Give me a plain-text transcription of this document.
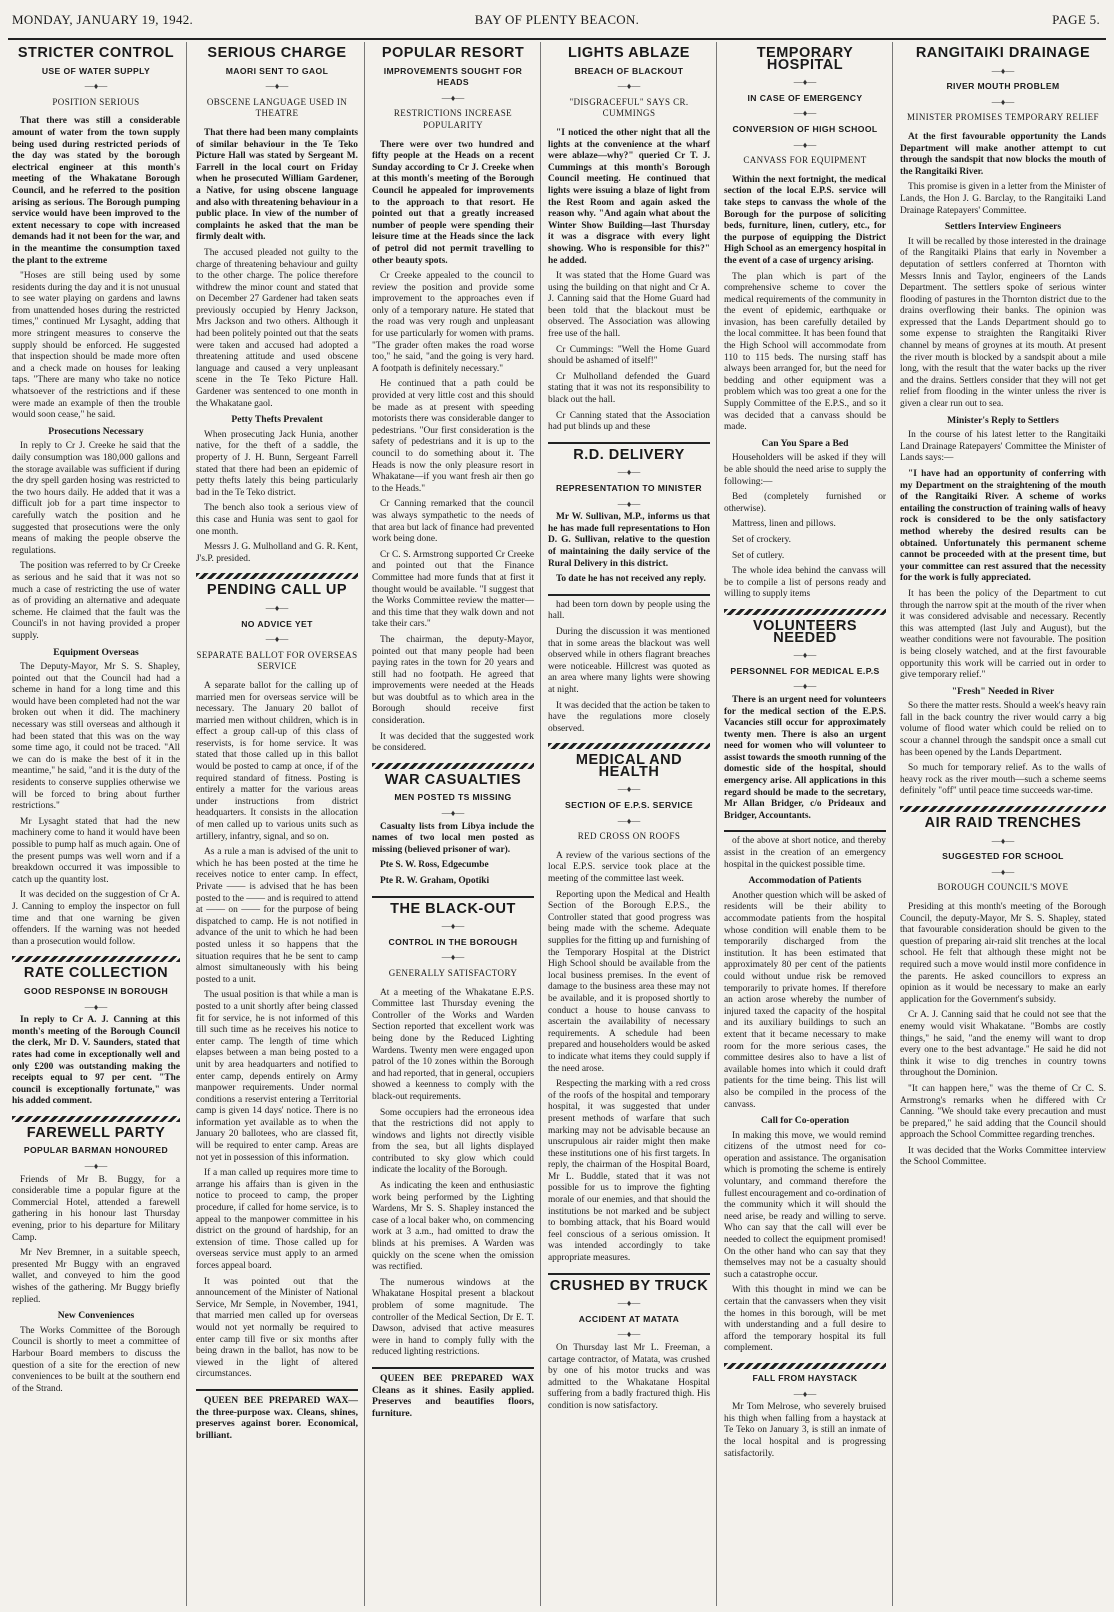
MONDAY, JANUARY 19, 1942.	BAY OF PLENTY BEACON.	PAGE 5.
STRICTER CONTROL
USE OF WATER SUPPLY
—♦—
POSITION SERIOUS

That there was still a considerable amount of water from the town supply being used during restricted periods of the day was stated by the borough electrical engineer at this month's meeting of the Whakatane Borough Council, and he referred to the position arising as serious. The Borough pumping service would have been improved to the extent necessary to cope with increased demands had it not been for the war, and in the meantime the consumption taxed the plant to the extreme

"Hoses are still being used by some residents during the day and it is not unusual to see water playing on gardens and lawns from unattended hoses during the restricted times," continued Mr Lysaght, adding that more stringent measures to conserve the supply should be enforced. He suggested that inspection should be made more often and a check made on houses for leaking taps. "There are many who take no notice whatsoever of the restrictions and if these were made an example of then the trouble would soon cease," he said.

Prosecutions Necessary

In reply to Cr J. Creeke he said that the daily consumption was 180,000 gallons and the storage available was sufficient if during the dry spell garden hosing was restricted to the two hours daily. He added that it was a difficult job for a part time inspector to carefully watch the position and he suggested that prosecutions were the only means of making the people observe the regulations.

The position was referred to by Cr Creeke as serious and he said that it was not so much a case of restricting the use of water as of providing an alternative and adequate scheme. He claimed that the fault was the Council's in not having provided a proper supply.

Equipment Overseas

The Deputy-Mayor, Mr S. S. Shapley, pointed out that the Council had had a scheme in hand for a long time and this would have been completed had not the war broken out when it did. The machinery necessary was still overseas and although it had been stated that this was on the way some time ago, it could not be traced. "All we can do is make the best of it in the meantime," he said, "and it is the duty of the residents to conserve supplies otherwise we will be forced to bring about further restrictions."

Mr Lysaght stated that had the new machinery come to hand it would have been possible to pump half as much again. One of the present pumps was well worn and if a breakdown occurred it was impossible to catch up the quantity lost.

It was decided on the suggestion of Cr A. J. Canning to employ the inspector on full time and that one warning be given offenders. If the warning was not heeded than a prosecution would follow.

RATE COLLECTION
GOOD RESPONSE IN BOROUGH
—♦—

In reply to Cr A. J. Canning at this month's meeting of the Borough Council the clerk, Mr D. V. Saunders, stated that rates had come in exceptionally well and only £200 was outstanding making the receipts equal to 97 per cent. "The council is exceptionally fortunate," was his added comment.

FAREWELL PARTY
POPULAR BARMAN HONOURED
—♦—

Friends of Mr B. Buggy, for a considerable time a popular figure at the Commercial Hotel, attended a farewell gathering in his honour last Thursday evening, prior to his departure for Military Camp.

Mr Nev Bremner, in a suitable speech, presented Mr Buggy with an engraved wallet, and conveyed to him the good wishes of the gathering. Mr Buggy briefly replied.

New Conveniences

The Works Committee of the Borough Council is shortly to meet a committee of Harbour Board members to discuss the question of a site for the erection of new conveniences to be built at the southern end of the Strand.

SERIOUS CHARGE
MAORI SENT TO GAOL
—♦—
OBSCENE LANGUAGE USED IN THEATRE

That there had been many complaints of similar behaviour in the Te Teko Picture Hall was stated by Sergeant M. Farrell in the local court on Friday when he prosecuted William Gardener, a Native, for using obscene language and also with threatening behaviour in a public place. In view of the number of complaints he asked that the man be firmly dealt with.

The accused pleaded not guilty to the charge of threatening behaviour and guilty to the other charge. The police therefore withdrew the minor count and stated that on December 27 Gardener had taken seats previously occupied by Henry Jackson, Mrs Jackson and two others. Although it had been politely pointed out that the seats were taken and accused had adopted a threatening attitude and used obscene language and caused a very unpleasant scene in the Te Teko Picture Hall. Gardener was sentenced to one month in the Whakatane gaol.

Petty Thefts Prevalent

When prosecuting Jack Hunia, another native, for the theft of a saddle, the property of J. H. Bunn, Sergeant Farrell stated that there had been an epidemic of petty thefts lately this being particularly bad in the Te Teko district.

The bench also took a serious view of this case and Hunia was sent to gaol for one month.

Messrs J. G. Mulholland and G. R. Kent, J's.P. presided.

PENDING CALL UP
—♦—
NO ADVICE YET
—♦—
SEPARATE BALLOT FOR OVERSEAS SERVICE

A separate ballot for the calling up of married men for overseas service will be necessary. The January 20 ballot of married men without children, which is in effect a group call-up of this class of reservists, is for home service. It was stated that those called up in this ballot would be posted to camp at once, if of the required standard of fitness. Posting is entirely a matter for the various areas under instructions from district headquarters. It consists in the allocation of men called up to various units such as artillery, infantry, signal, and so on.

As a rule a man is advised of the unit to which he has been posted at the time he receives notice to enter camp. In effect, Private —— is advised that he has been posted to the —— and is required to attend at —— on —— for the purpose of being dispatched to camp. He is not notified in advance of the unit to which he had been posted unless it so happens that the situation requires that he be sent to camp almost simultaneously with his being posted to a unit.

The usual position is that while a man is posted to a unit shortly after being classed fit for service, he is not informed of this till such time as he receives his notice to enter camp. The length of time which elapses between a man being posted to a unit by area headquarters and notified to enter camp, depends entirely on Army manpower requirements. Under normal conditions a reservist entering a Territorial camp is given 14 days' notice. There is no information yet available as to when the January 20 ballotees, who are classed fit, will be required to enter camp. Areas are not yet in possession of this information.

If a man called up requires more time to arrange his affairs than is given in the notice to proceed to camp, the proper procedure, if called for home service, is to appeal to the manpower committee in his district on the ground of hardship, for an extension of time. Those called up for overseas service must apply to an armed forces appeal board.

It was pointed out that the announcement of the Minister of National Service, Mr Semple, in November, 1941, that married men called up for overseas would not yet normally be required to enter camp till five or six months after being drawn in the ballot, has now to be viewed in the light of altered circumstances.

QUEEN BEE PREPARED WAX— the three-purpose wax. Cleans, shines, preserves against borer. Economical, brilliant.

POPULAR RESORT
IMPROVEMENTS SOUGHT FOR HEADS
—♦—
RESTRICTIONS INCREASE POPULARITY

There were over two hundred and fifty people at the Heads on a recent Sunday according to Cr J. Creeke when at this month's meeting of the Borough Council he appealed for improvements to the approach to that resort. He pointed out that a greatly increased number of people were spending their leisure time at the Heads since the lack of petrol did not permit travelling to other beauty spots.

Cr Creeke appealed to the council to review the position and provide some improvement to the approaches even if only of a temporary nature. He stated that the road was very rough and unpleasant for use particularly for women with prams. "The grader often makes the road worse too," he said, "and the going is very hard. A footpath is definitely necessary."

He continued that a path could be provided at very little cost and this should be made as at present with speeding motorists there was considerable danger to pedestrians. "Our first consideration is the safety of pedestrians and it is up to the council to do something about it. The Heads is now the only pleasure resort in Whakatane—if you want fresh air then go to the Heads."

Cr Canning remarked that the council was always sympathetic to the needs of that area but lack of finance had prevented work being done.

Cr C. S. Armstrong supported Cr Creeke and pointed out that the Finance Committee had more funds that at first it thought would be available. "I suggest that the Works Committee review the matter—and this time that they walk down and not take their cars."

The chairman, the deputy-Mayor, pointed out that many people had been paying rates in the town for 20 years and still had no footpath. He agreed that improvements were needed at the Heads but was doubtful as to which area in the Borough should receive first consideration.

It was decided that the suggested work be considered.

WAR CASUALTIES
MEN POSTED TS MISSING
—♦—

Casualty lists from Libya include the names of two local men posted as missing (believed prisoner of war).

Pte S. W. Ross, Edgecumbe

Pte R. W. Graham, Opotiki

THE BLACK-OUT
—♦—
CONTROL IN THE BOROUGH
—♦—
GENERALLY SATISFACTORY

At a meeting of the Whakatane E.P.S. Committee last Thursday evening the Controller of the Works and Warden Section reported that excellent work was being done by the Reduced Lighting Wardens. Twenty men were engaged upon patrol of the 10 zones within the Borough and had reported, that in general, occupiers showed a keenness to comply with the black-out requirements.

Some occupiers had the erroneous idea that the restrictions did not apply to windows and lights not directly visible from the sea, but all lights displayed contributed to sky glow which could indicate the locality of the Borough.

As indicating the keen and enthusiastic work being performed by the Lighting Wardens, Mr S. S. Shapley instanced the case of a local baker who, on commencing work at 3 a.m., had omitted to draw the blinds at his premises. A Warden was quickly on the scene when the omission was rectified.

The numerous windows at the Whakatane Hospital present a blackout problem of some magnitude. The controller of the Medical Section, Dr E. T. Dawson, advised that active measures were in hand to comply fully with the reduced lighting restrictions.

QUEEN BEE PREPARED WAX Cleans as it shines. Easily applied. Preserves and beautifies floors, furniture.

LIGHTS ABLAZE
BREACH OF BLACKOUT
—♦—
"DISGRACEFUL" SAYS CR. CUMMINGS

"I noticed the other night that all the lights at the convenience at the wharf were ablaze—why?" queried Cr T. J. Cummings at this month's Borough Council meeting. He continued that lights were issuing a blaze of light from the Rest Room and again asked the reason why. "And again what about the Winter Show Building—last Thursday it was a disgrace with every light showing. Who is responsible for this?" he added.

It was stated that the Home Guard was using the building on that night and Cr A. J. Canning said that the Home Guard had been told that the blackout must be observed. The Association was allowing free use of the hall.

Cr Cummings: "Well the Home Guard should be ashamed of itself!"

Cr Mulholland defended the Guard stating that it was not its responsibility to black out the hall.

Cr Canning stated that the Association had put blinds up and these

R.D. DELIVERY
—♦—
REPRESENTATION TO MINISTER
—♦—

Mr W. Sullivan, M.P., informs us that he has made full representations to Hon D. G. Sullivan, relative to the question of maintaining the daily service of the Rural Delivery in this district.

To date he has not received any reply.

had been torn down by people using the hall.

During the discussion it was mentioned that in some areas the blackout was well observed while in others flagrant breaches were noticeable. Hillcrest was quoted as an area where many lights were showing at night.

It was decided that the action be taken to have the regulations more closely observed.

MEDICAL AND HEALTH
—♦—
SECTION OF E.P.S. SERVICE
—♦—
RED CROSS ON ROOFS

A review of the various sections of the local E.P.S. service took place at the meeting of the committee last week.

Reporting upon the Medical and Health Section of the Borough E.P.S., the Controller stated that good progress was being made with the scheme. Adequate supplies for the fitting up and furnishing of the Temporary Hospital at the District High School should be available from the local business premises. In the event of damage to the business area these may not be available, and it is proposed shortly to conduct a house to house canvass to ascertain the availability of necessary requirements. A schedule had been prepared and householders would be asked to indicate what items they could supply if the need arose.

Respecting the marking with a red cross of the roofs of the hospital and temporary hospital, it was suggested that under present methods of warfare that such marking may not be advisable because an unscrupulous air raider might then make these institutions one of his first targets. In reply, the chairman of the Hospital Board, Mr L. Buddle, stated that it was not possible for us to improve the fighting morale of our enemies, and that should the institutions be not marked and be subject to bombing attack, that his Board would feel conscious of a serious omission. It was intended accordingly to take appropriate measures.

CRUSHED BY TRUCK
—♦—
ACCIDENT AT MATATA
—♦—

On Thursday last Mr L. Freeman, a cartage contractor, of Matata, was crushed by one of his motor trucks and was admitted to the Whakatane Hospital suffering from a badly fractured thigh. His condition is now satisfactory.

TEMPORARY HOSPITAL
—♦—
IN CASE OF EMERGENCY
—♦—
CONVERSION OF HIGH SCHOOL
—♦—
CANVASS FOR EQUIPMENT

Within the next fortnight, the medical section of the local E.P.S. service will take steps to canvass the whole of the Borough for the purpose of soliciting beds, furniture, linen, cutlery, etc., for the purpose of equipping the District High School as an emergency hospital in the event of a case of urgency arising.

The plan which is part of the comprehensive scheme to cover the medical requirements of the community in the event of epidemic, earthquake or invasion, has been carefully detailed by the local committee. It has been found that the High School will accommodate from 110 to 115 beds. The nursing staff has always been arranged for, but the need for bedding and other equipment was a problem which was too great a one for the Supply Committee of the E.P.S., and so it was decided that a canvass should be made.

Can You Spare a Bed

Householders will be asked if they will be able should the need arise to supply the following:—

Bed (completely furnished or otherwise).

Mattress, linen and pillows.

Set of crockery.

Set of cutlery.

The whole idea behind the canvass will be to compile a list of persons ready and willing to supply items

VOLUNTEERS NEEDED
—♦—
PERSONNEL FOR MEDICAL E.P.S
—♦—

There is an urgent need for volunteers for the medical section of the E.P.S. Vacancies still occur for approximately twenty men. There is also an urgent need for women who will volunteer to assist towards the smooth running of the domestic side of the hospital, should emergency arise. All applications in this regard should be made to the secretary, Mr Allan Bridger, c/o Prideaux and Bridger, Accountants.

of the above at short notice, and thereby assist in the creation of an emergency hospital in the quickest possible time.

Accommodation of Patients

Another question which will be asked of residents will be their ability to accommodate patients from the hospital whose condition will enable them to be temporarily discharged from the institution. It has been estimated that approximately 80 per cent of the patients could without undue risk be removed temporarily to private homes. If therefore an action arose whereby the number of injured taxed the capacity of the hospital and its auxiliary buildings to such an extent that it became necessary to make room for the more serious cases, the committee desires also to have a list of available homes into which it could draft patients for the time being. This list will also be compiled in the process of the canvass.

Call for Co-operation

In making this move, we would remind citizens of the utmost need for co-operation and assistance. The organisation which is promoting the scheme is entirely voluntary, and command therefore the fullest encouragement and co-ordination of the community which it will should the need arise, be ready and willing to serve. Who can say that the call will ever be needed to collect the equipment promised! On the other hand who can say that they themselves may not be a casualty should such a catastrophe occur.

With this thought in mind we can be certain that the canvassers when they visit the homes in this borough, will be met with understanding and a full desire to afford the temporary hospital its full complement.

FALL FROM HAYSTACK
—♦—

Mr Tom Melrose, who severely bruised his thigh when falling from a haystack at Te Teko on January 3, is still an inmate of the local hospital and is progressing satisfactorily.

RANGITAIKI DRAINAGE
—♦—
RIVER MOUTH PROBLEM
—♦—
MINISTER PROMISES TEMPORARY RELIEF

At the first favourable opportunity the Lands Department will make another attempt to cut through the sandspit that now blocks the mouth of the Rangitaiki River.

This promise is given in a letter from the Minister of Lands, the Hon J. G. Barclay, to the Rangitaiki Land Drainage Ratepayers' Committee.

Settlers Interview Engineers

It will be recalled by those interested in the drainage of the Rangitaiki Plains that early in November a deputation of settlers conferred at Thornton with Messrs Innis and Taylor, engineers of the Lands Department. The settlers spoke of serious winter flooding of pastures in the Thornton district due to the drains overflowing their banks. The opinion was expressed that the Lands Department should go to some expense to straighten the Rangitaiki River channel by means of groynes at its mouth. At present the river mouth is blocked by a sandspit about a mile long, with the result that the water backs up the river and the drains. Settlers consider that they will not get relief from flooding in the winter unless the river is given a clear run out to sea.

Minister's Reply to Settlers

In the course of his latest letter to the Rangitaiki Land Drainage Ratepayers' Committee the Minister of Lands says:—

"I have had an opportunity of conferring with my Department on the straightening of the mouth of the Rangitaiki River. A scheme of works entailing the construction of training walls of heavy rock is considered to be the only satisfactory method whereby the desired results can be obtained. Unfortunately this permanent scheme cannot be proceeded with at the present time, but your committee can rest assured that the necessity for the work is fully appreciated.

It has been the policy of the Department to cut through the narrow spit at the mouth of the river when it was considered advisable and necessary. Recently this was attempted (last July and August), but the weather conditions were not favourable. The position is being closely watched, and at the first favourable opportunity this work will be carried out in order to give temporary relief."

"Fresh" Needed in River

So there the matter rests. Should a week's heavy rain fall in the back country the river would carry a big volume of flood water which could be relied on to scour a channel through the sandspit once a small cut has been opened by the Lands Department.

So much for temporary relief. As to the walls of heavy rock as the river mouth—such a scheme seems definitely "off" until peace time succeeds war-time.

AIR RAID TRENCHES
—♦—
SUGGESTED FOR SCHOOL
—♦—
BOROUGH COUNCIL'S MOVE

Presiding at this month's meeting of the Borough Council, the deputy-Mayor, Mr S. S. Shapley, stated that favourable consideration should be given to the question of preparing air-raid slit trenches at the local school. He felt that although these might not be required such a move would instil more confidence in the parents. He asked councillors to express an opinion as it would be necessary to make an early application for the Government's subsidy.

Cr A. J. Canning said that he could not see that the enemy would visit Whakatane. "Bombs are costly things," he said, "and the enemy will want to drop every one to the best advantage." He said he did not think it wise to dig trenches in country towns throughout the Dominion.

"It can happen here," was the theme of Cr C. S. Armstrong's remarks when he differed with Cr Canning. "We should take every precaution and must be prepared," he said adding that the Council should approach the School Committee regarding trenches.

It was decided that the Works Committee interview the School Committee.
